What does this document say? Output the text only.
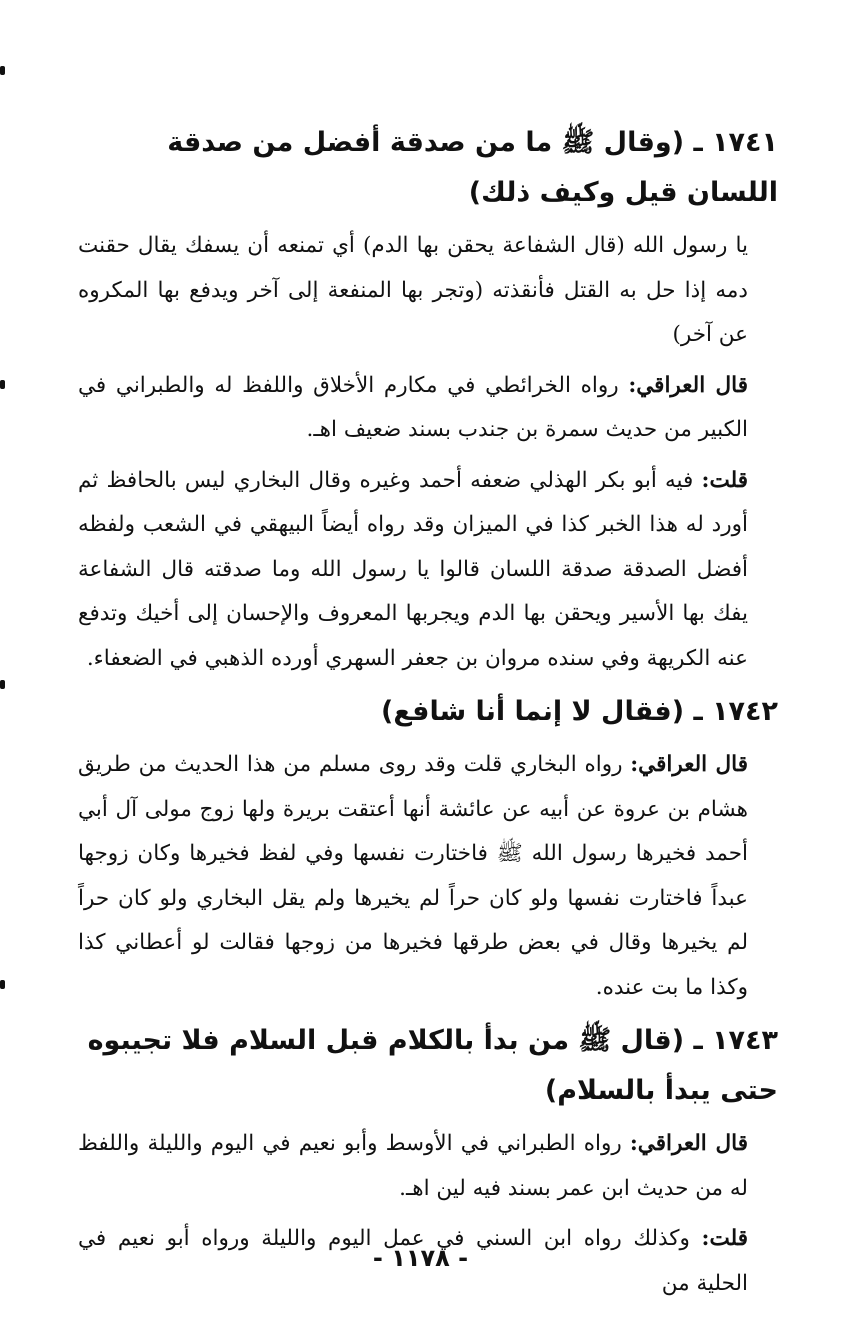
١٧٤١ ـ (وقال ﷺ ما من صدقة أفضل من صدقة اللسان قيل وكيف ذلك)

يا رسول الله (قال الشفاعة يحقن بها الدم) أي تمنعه أن يسفك يقال حقنت دمه إذا حل به القتل فأنقذته (وتجر بها المنفعة إلى آخر ويدفع بها المكروه عن آخر)

قال العراقي: رواه الخرائطي في مكارم الأخلاق واللفظ له والطبراني في الكبير من حديث سمرة بن جندب بسند ضعيف اهـ.

قلت: فيه أبو بكر الهذلي ضعفه أحمد وغيره وقال البخاري ليس بالحافظ ثم أورد له هذا الخبر كذا في الميزان وقد رواه أيضاً البيهقي في الشعب ولفظه أفضل الصدقة صدقة اللسان قالوا يا رسول الله وما صدقته قال الشفاعة يفك بها الأسير ويحقن بها الدم ويجربها المعروف والإحسان إلى أخيك وتدفع عنه الكريهة وفي سنده مروان بن جعفر السهري أورده الذهبي في الضعفاء.

١٧٤٢ ـ (فقال لا إنما أنا شافع)

قال العراقي: رواه البخاري قلت وقد روى مسلم من هذا الحديث من طريق هشام بن عروة عن أبيه عن عائشة أنها أعتقت بريرة ولها زوج مولى آل أبي أحمد فخيرها رسول الله ﷺ فاختارت نفسها وفي لفظ فخيرها وكان زوجها عبداً فاختارت نفسها ولو كان حراً لم يخيرها ولم يقل البخاري ولو كان حراً لم يخيرها وقال في بعض طرقها فخيرها من زوجها فقالت لو أعطاني كذا وكذا ما بت عنده.

١٧٤٣ ـ (قال ﷺ من بدأ بالكلام قبل السلام فلا تجيبوه حتى يبدأ بالسلام)

قال العراقي: رواه الطبراني في الأوسط وأبو نعيم في اليوم والليلة واللفظ له من حديث ابن عمر بسند فيه لين اهـ.

قلت: وكذلك رواه ابن السني في عمل اليوم والليلة ورواه أبو نعيم في الحلية من

- ١١٧٨ -
